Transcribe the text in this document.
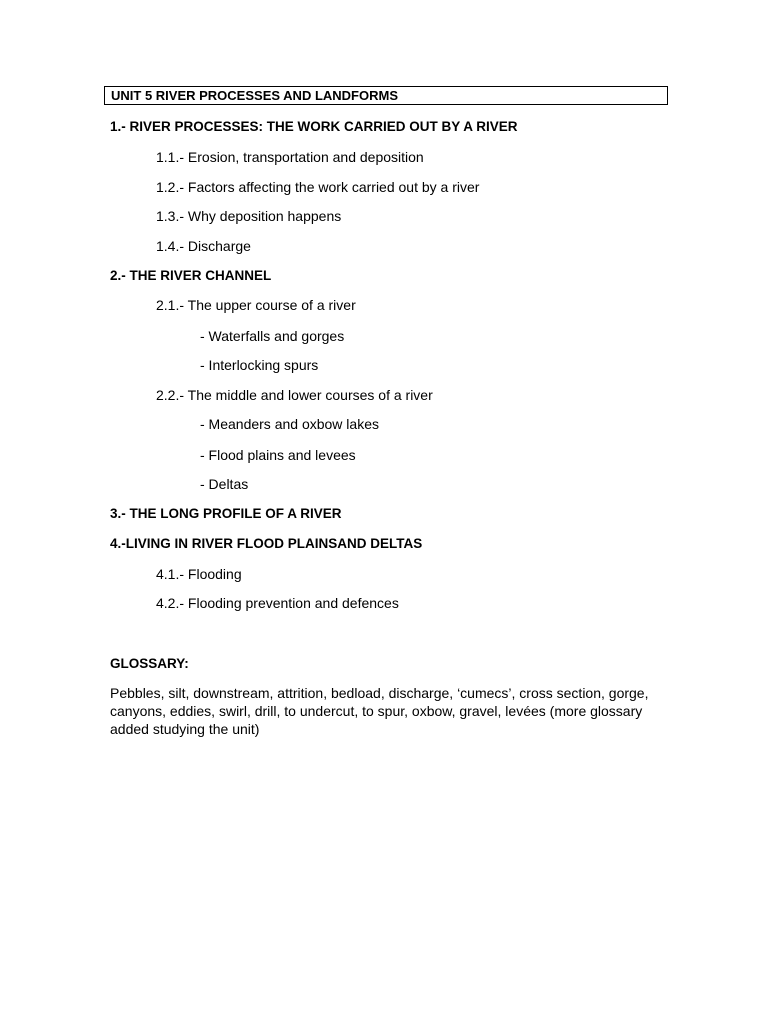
UNIT 5 RIVER PROCESSES AND LANDFORMS
1.- RIVER PROCESSES: THE WORK CARRIED OUT BY A RIVER
1.1.- Erosion, transportation and deposition
1.2.- Factors affecting the work carried out by a river
1.3.- Why deposition happens
1.4.- Discharge
2.- THE RIVER CHANNEL
2.1.- The upper course of a river
- Waterfalls and gorges
- Interlocking spurs
2.2.- The middle and lower courses of a river
- Meanders and oxbow lakes
- Flood plains and levees
- Deltas
3.- THE LONG PROFILE OF A RIVER
4.-LIVING IN RIVER FLOOD PLAINSAND DELTAS
4.1.- Flooding
4.2.- Flooding prevention and defences
GLOSSARY:
Pebbles, silt, downstream, attrition, bedload, discharge, ‘cumecs’, cross section, gorge, canyons, eddies, swirl, drill, to undercut, to spur, oxbow, gravel, levées (more glossary added studying the unit)
